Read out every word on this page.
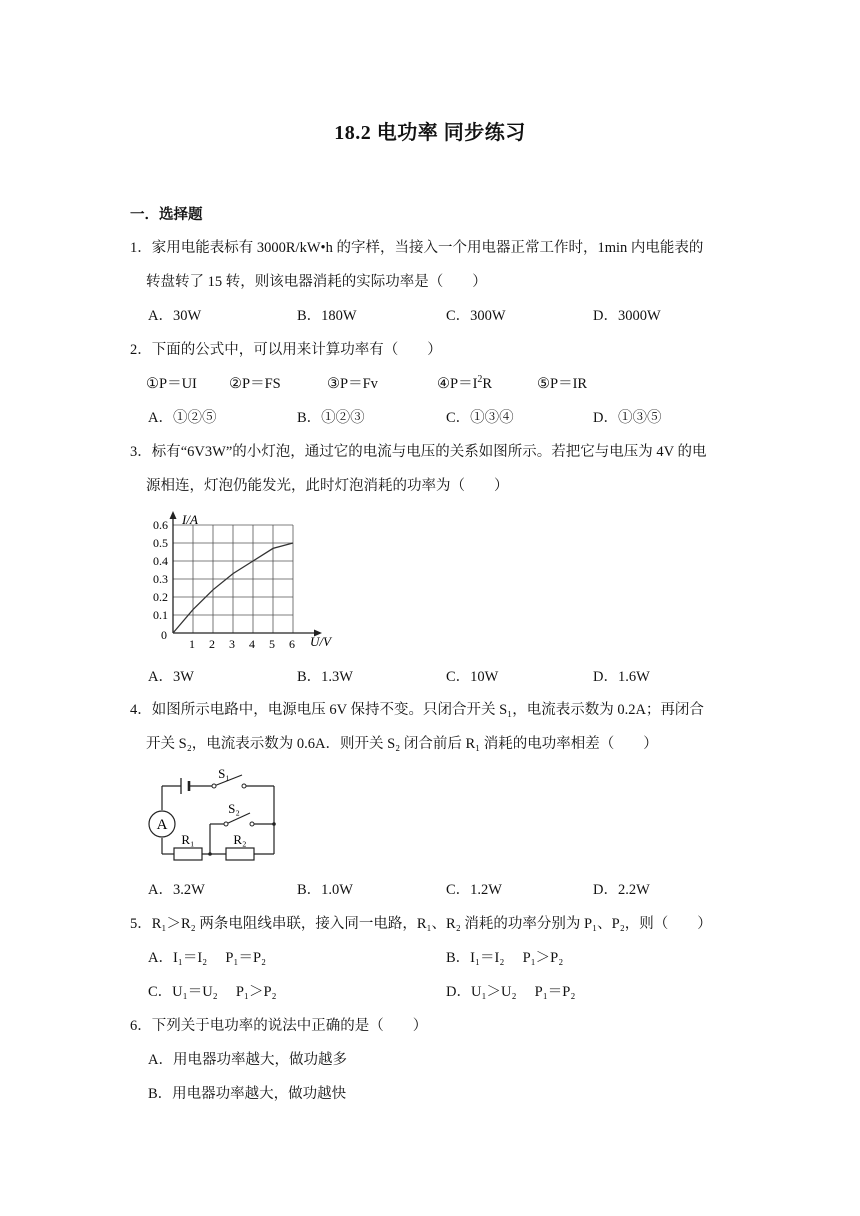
18.2 电功率 同步练习
一．选择题
1．家用电能表标有 3000R/kW•h 的字样，当接入一个用电器正常工作时，1min 内电能表的
转盘转了 15 转，则该电器消耗的实际功率是（　　）
A．30W	B．180W	C．300W	D．3000W
2．下面的公式中，可以用来计算功率有（　　）
①P＝UI ②P＝FS	③P＝Fv	$④P=I^2R$	⑤P＝IR
A．①②⑤	B．①②③	C．①③④	D．①③⑤
3．标有“6V3W”的小灯泡，通过它的电流与电压的关系如图所示。若把它与电压为 4V 的电
源相连，灯泡仍能发光，此时灯泡消耗的功率为（　　）
I/A
U/V
0
0.6
0.5
0.4
0.3
0.2
0.1
1 2 3 4 5 6
A．3W	B．1.3W	C．10W	D．1.6W
4．如图所示电路中，电源电压 6V 保持不变。只闭合开关 S₁，电流表示数为 0.2A；再闭合
开关 S₂，电流表示数为 0.6A．则开关 S₂ 闭合前后 R₁ 消耗的电功率相差（　　）
A
S₁
S₂
R₁	R₂
A．3.2W	B．1.0W	C．1.2W	D．2.2W
5．R₁＞R₂ 两条电阻线串联，接入同一电路，R₁、R₂ 消耗的功率分别为 P₁、P₂，则（　　）
A．I₁＝I₂　 P₁＝P₂	B．I₁＝I₂　 P₁＞P₂
C．U₁＝U₂　 P₁＞P₂	D．U₁＞U₂　 P₁＝P₂
6．下列关于电功率的说法中正确的是（　　）
A．用电器功率越大，做功越多
B．用电器功率越大，做功越快
